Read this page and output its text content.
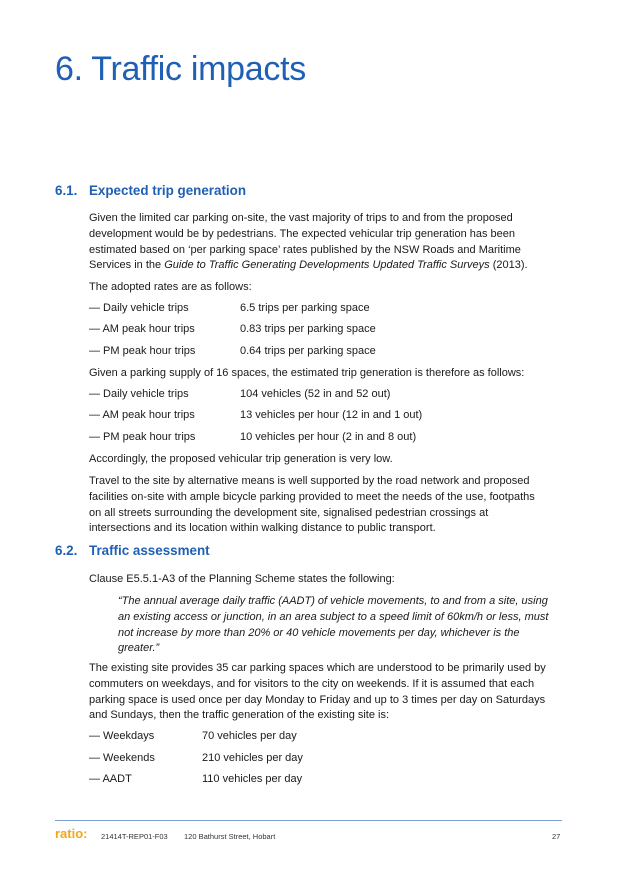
6. Traffic impacts
6.1. Expected trip generation
Given the limited car parking on-site, the vast majority of trips to and from the proposed
development would be by pedestrians. The expected vehicular trip generation has been
estimated based on ‘per parking space’ rates published by the NSW Roads and Maritime
Services in the Guide to Traffic Generating Developments Updated Traffic Surveys (2013).
The adopted rates are as follows:
— Daily vehicle trips	6.5 trips per parking space
— AM peak hour trips	0.83 trips per parking space
— PM peak hour trips	0.64 trips per parking space
Given a parking supply of 16 spaces, the estimated trip generation is therefore as follows:
— Daily vehicle trips	104 vehicles (52 in and 52 out)
— AM peak hour trips	13 vehicles per hour (12 in and 1 out)
— PM peak hour trips	10 vehicles per hour (2 in and 8 out)
Accordingly, the proposed vehicular trip generation is very low.
Travel to the site by alternative means is well supported by the road network and proposed
facilities on-site with ample bicycle parking provided to meet the needs of the use, footpaths
on all streets surrounding the development site, signalised pedestrian crossings at
intersections and its location within walking distance to public transport.
6.2. Traffic assessment
Clause E5.5.1-A3 of the Planning Scheme states the following:
“The annual average daily traffic (AADT) of vehicle movements, to and from a site, using
an existing access or junction, in an area subject to a speed limit of 60km/h or less, must
not increase by more than 20% or 40 vehicle movements per day, whichever is the
greater.”
The existing site provides 35 car parking spaces which are understood to be primarily used by
commuters on weekdays, and for visitors to the city on weekends. If it is assumed that each
parking space is used once per day Monday to Friday and up to 3 times per day on Saturdays
and Sundays, then the traffic generation of the existing site is:
— Weekdays	70 vehicles per day
— Weekends	210 vehicles per day
— AADT	110 vehicles per day
ratio: 21414T-REP01-F03 120 Bathurst Street, Hobart	27
